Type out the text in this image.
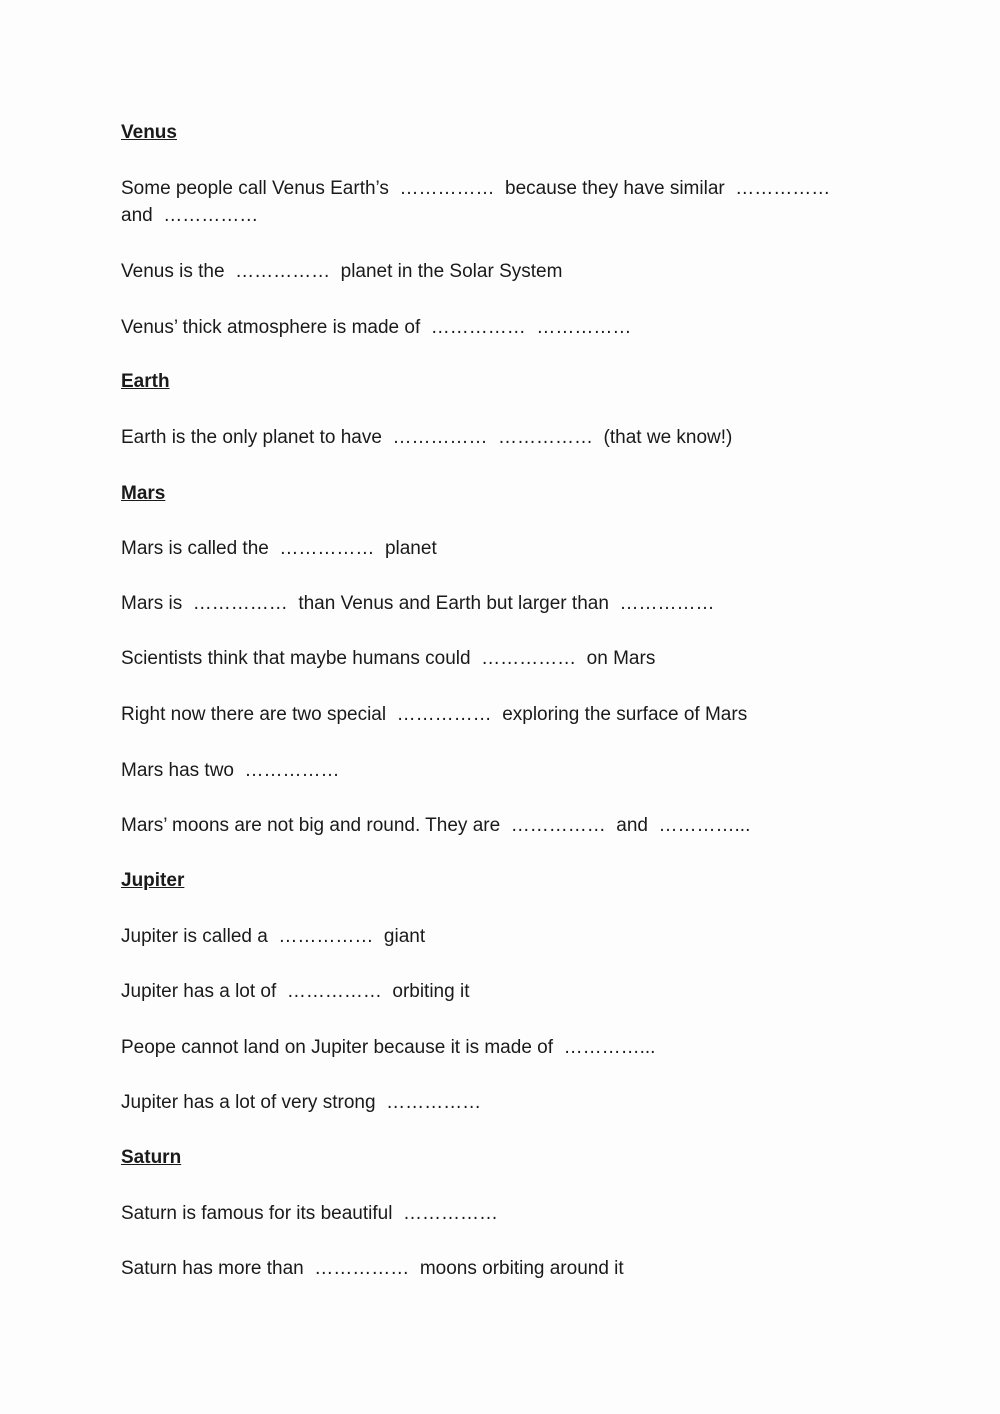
Venus
Some people call Venus Earth’s  ……………  because they have similar  ……………
and  ……………
Venus is the  ……………  planet in the Solar System
Venus’ thick atmosphere is made of  ……………  ……………
Earth
Earth is the only planet to have  ……………  ……………  (that we know!)
Mars
Mars is called the  ……………  planet
Mars is  ……………  than Venus and Earth but larger than  ……………
Scientists think that maybe humans could  ……………  on Mars
Right now there are two special  ……………  exploring the surface of Mars
Mars has two  ……………
Mars’ moons are not big and round. They are  ……………  and  …………...
Jupiter
Jupiter is called a  ……………  giant
Jupiter has a lot of  ……………  orbiting it
Peope cannot land on Jupiter because it is made of  …………...
Jupiter has a lot of very strong  ……………
Saturn
Saturn is famous for its beautiful  ……………
Saturn has more than  ……………  moons orbiting around it
